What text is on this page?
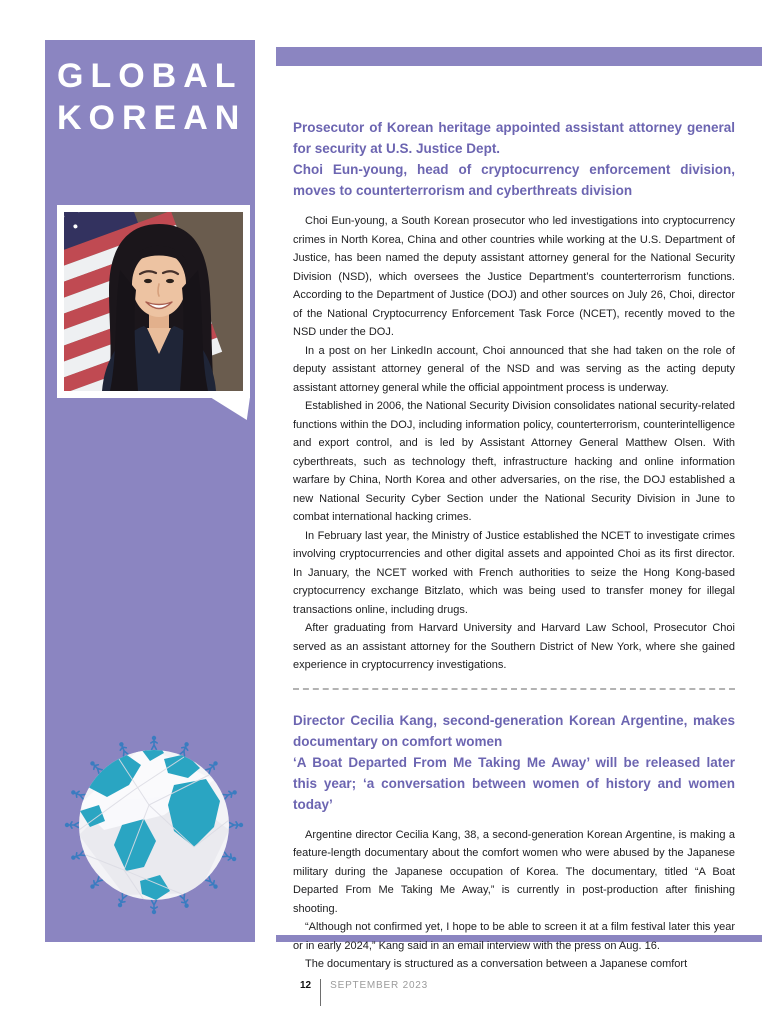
GLOBAL
KOREAN	Prosecutor of Korean heritage appointed assistant attorney general for security at U.S. Justice Dept.
Choi Eun-young, head of cryptocurrency enforcement division, moves to counterterrorism and cyberthreats division

Choi Eun-young, a South Korean prosecutor who led investigations into cryptocurrency crimes in North Korea, China and other countries while working at the U.S. Department of Justice, has been named the deputy assistant attorney general for the National Security Division (NSD), which oversees the Justice Department’s counterterrorism functions. According to the Department of Justice (DOJ) and other sources on July 26, Choi, director of the National Cryptocurrency Enforcement Task Force (NCET), recently moved to the NSD under the DOJ.

In a post on her LinkedIn account, Choi announced that she had taken on the role of deputy assistant attorney general of the NSD and was serving as the acting deputy assistant attorney general while the official appointment process is underway.

Established in 2006, the National Security Division consolidates national security-related functions within the DOJ, including information policy, counterterrorism, counterintelligence and export control, and is led by Assistant Attorney General Matthew Olsen. With cyberthreats, such as technology theft, infrastructure hacking and online information warfare by China, North Korea and other adversaries, on the rise, the DOJ established a new National Security Cyber Section under the National Security Division in June to combat international hacking crimes.

In February last year, the Ministry of Justice established the NCET to investigate crimes involving cryptocurrencies and other digital assets and appointed Choi as its first director. In January, the NCET worked with French authorities to seize the Hong Kong-based cryptocurrency exchange Bitzlato, which was being used to transfer money for illegal transactions online, including drugs.

After graduating from Harvard University and Harvard Law School, Prosecutor Choi served as an assistant attorney for the Southern District of New York, where she gained experience in cryptocurrency investigations.

Director Cecilia Kang, second-generation Korean Argentine, makes documentary on comfort women
‘A Boat Departed From Me Taking Me Away’ will be released later this year; ‘a conversation between women of history and women today’

Argentine director Cecilia Kang, 38, a second-generation Korean Argentine, is making a feature-length documentary about the comfort women who were abused by the Japanese military during the Japanese occupation of Korea. The documentary, titled “A Boat Departed From Me Taking Me Away,” is currently in post-production after finishing shooting.

“Although not confirmed yet, I hope to be able to screen it at a film festival later this year or in early 2024,” Kang said in an email interview with the press on Aug. 16.

The documentary is structured as a conversation between a Japanese comfort

12 SEPTEMBER 2023
